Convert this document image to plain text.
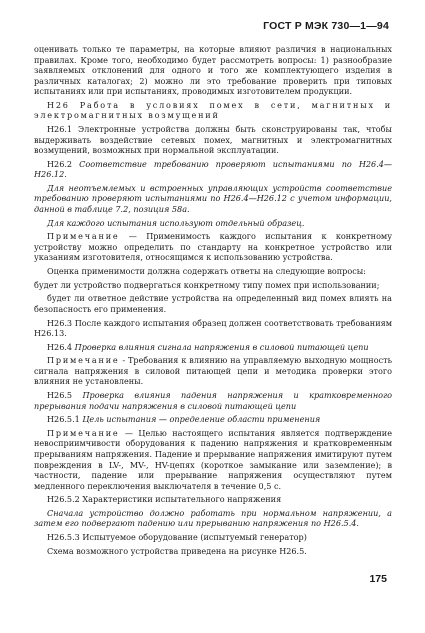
ГОСТ Р МЭК 730—1—94

оценивать только те параметры, на которые влияют различия в национальных правилах. Кроме того, необходимо будет рассмотреть вопросы: 1) разнообразие заявляемых отклонений для одного и того же комплектующего изделия в различных каталогах; 2) можно ли это требование проверить при типовых испытаниях или при испытаниях, проводимых изготовителем продукции.

Н26 Работа в условиях помех в сети, магнитных и электромагнитных возмущений

Н26.1 Электронные устройства должны быть сконструированы так, чтобы выдерживать воздействие сетевых помех, магнитных и электромагнитных возмущений, возможных при нормальной эксплуатации.

Н26.2 Соответствие требованию проверяют испытаниями по Н26.4—Н26.12.

Для неотъемлемых и встроенных управляющих устройств соответствие требованию проверяют испытаниями по Н26.4—Н26.12 с учетом информации, данной в таблице 7.2, позиция 58а.

Для каждого испытания используют отдельный образец.

Примечание — Применимость каждого испытания к конкретному устройству можно определить по стандарту на конкретное устройство или указаниям изготовителя, относящимся к использованию устройства.

Оценка применимости должна содержать ответы на следующие вопросы:

будет ли устройство подвергаться конкретному типу помех при использовании;

будет ли ответное действие устройства на определенный вид помех влиять на безопасность его применения.

Н26.3 После каждого испытания образец должен соответствовать требованиям Н26.13.

Н26.4 Проверка влияния сигнала напряжения в силовой питающей цепи

Примечание - Требования к влиянию на управляемую выходную мощность сигнала напряжения в силовой питающей цепи и методика проверки этого влияния не установлены.

Н26.5 Проверка влияния падения напряжения и кратковременного прерывания подачи напряжения в силовой питающей цепи

Н26.5.1 Цель испытания — определение области применения

Примечание — Целью настоящего испытания является подтверждение невосприимчивости оборудования к падению напряжения и кратковременным прерываниям напряжения. Падение и прерывание напряжения имитируют путем повреждения в LV-, MV-, HV-цепях (короткое замыкание или заземление); в частности, падение или прерывание напряжения осуществляют путем медленного переключения выключателя в течение 0,5 с.

Н26.5.2 Характеристики испытательного напряжения

Сначала устройство должно работать при нормальном напряжении, а затем его подвергают падению или прерыванию напряжения по Н26.5.4.

Н26.5.3 Испытуемое оборудование (испытуемый генератор)

Схема возможного устройства приведена на рисунке Н26.5.

175
